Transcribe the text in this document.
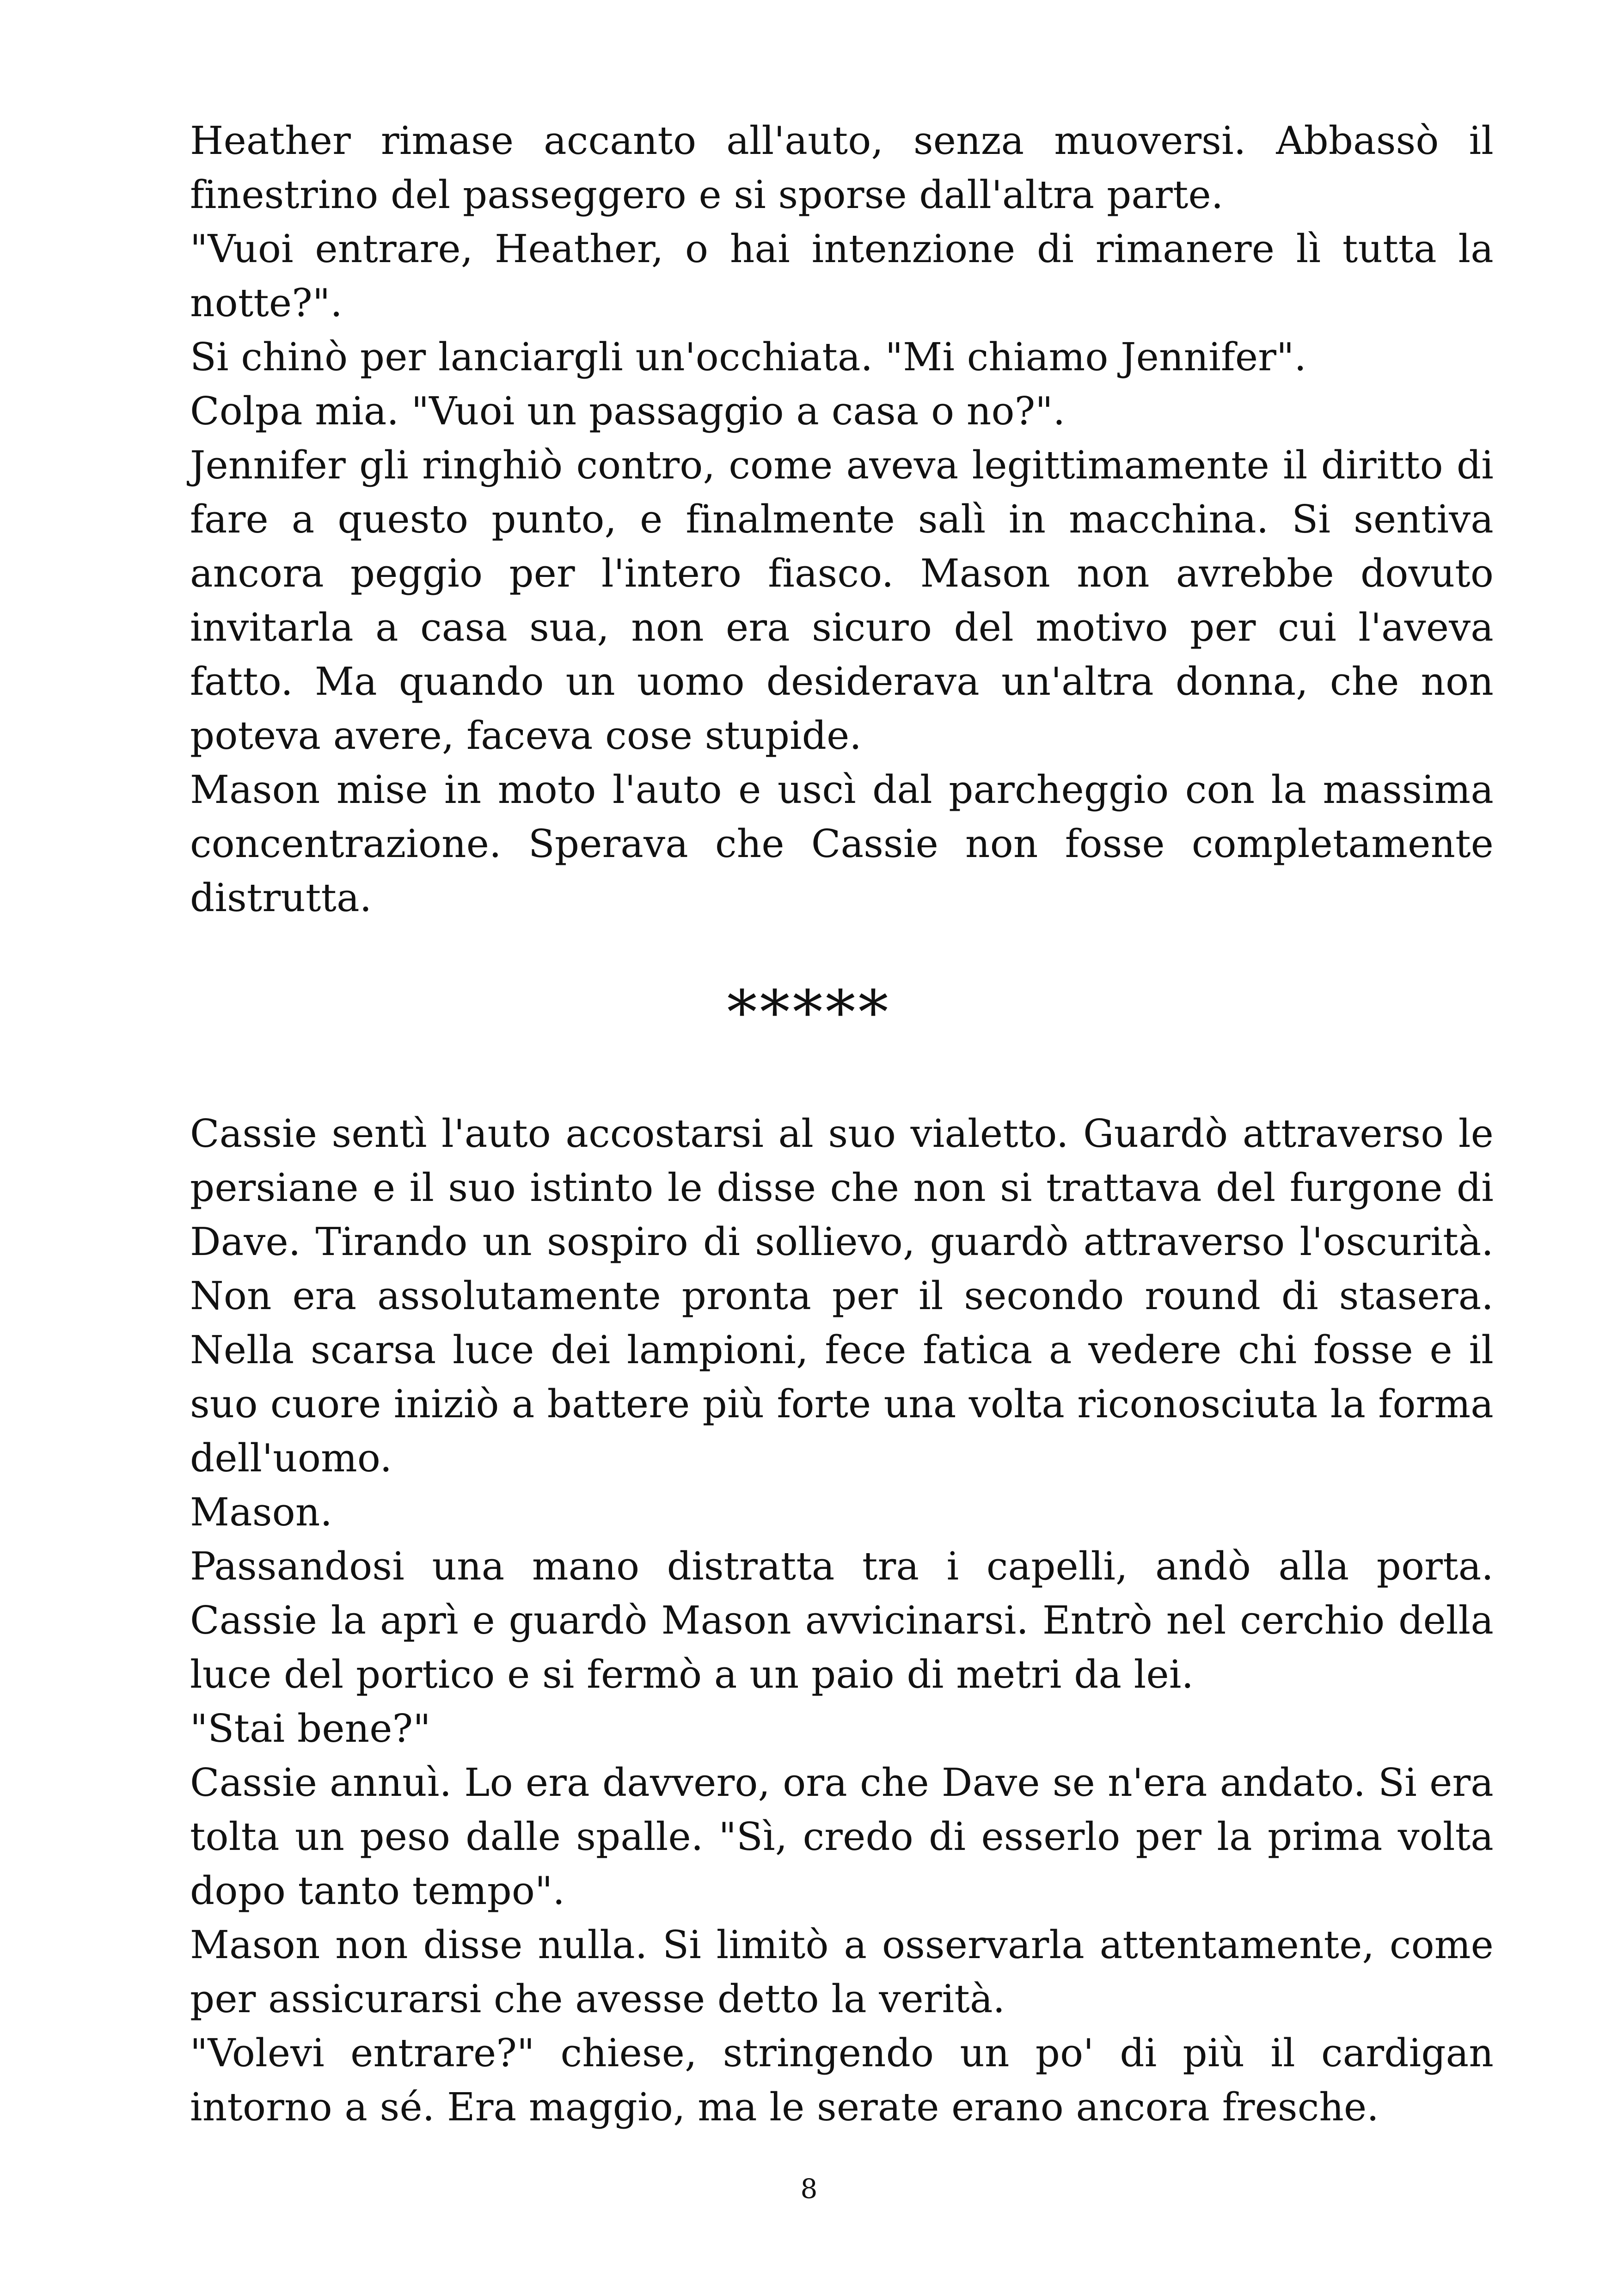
Heather rimase accanto all'auto, senza muoversi. Abbassò il finestrino del passeggero e si sporse dall'altra parte.

"Vuoi entrare, Heather, o hai intenzione di rimanere lì tutta la notte?".

Si chinò per lanciargli un'occhiata. "Mi chiamo Jennifer".

Colpa mia. "Vuoi un passaggio a casa o no?".

Jennifer gli ringhiò contro, come aveva legittimamente il diritto di fare a questo punto, e finalmente salì in macchina. Si sentiva ancora peggio per l'intero fiasco. Mason non avrebbe dovuto invitarla a casa sua, non era sicuro del motivo per cui l'aveva fatto. Ma quando un uomo desiderava un'altra donna, che non poteva avere, faceva cose stupide.

Mason mise in moto l'auto e uscì dal parcheggio con la massima concentrazione. Sperava che Cassie non fosse completamente distrutta.

*****

Cassie sentì l'auto accostarsi al suo vialetto. Guardò attraverso le persiane e il suo istinto le disse che non si trattava del furgone di Dave. Tirando un sospiro di sollievo, guardò attraverso l'oscurità. Non era assolutamente pronta per il secondo round di stasera. Nella scarsa luce dei lampioni, fece fatica a vedere chi fosse e il suo cuore iniziò a battere più forte una volta riconosciuta la forma dell'uomo.

Mason.

Passandosi una mano distratta tra i capelli, andò alla porta. Cassie la aprì e guardò Mason avvicinarsi. Entrò nel cerchio della luce del portico e si fermò a un paio di metri da lei.

"Stai bene?"

Cassie annuì. Lo era davvero, ora che Dave se n'era andato. Si era tolta un peso dalle spalle. "Sì, credo di esserlo per la prima volta dopo tanto tempo".

Mason non disse nulla. Si limitò a osservarla attentamente, come per assicurarsi che avesse detto la verità.

"Volevi entrare?" chiese, stringendo un po' di più il cardigan intorno a sé. Era maggio, ma le serate erano ancora fresche.

8
